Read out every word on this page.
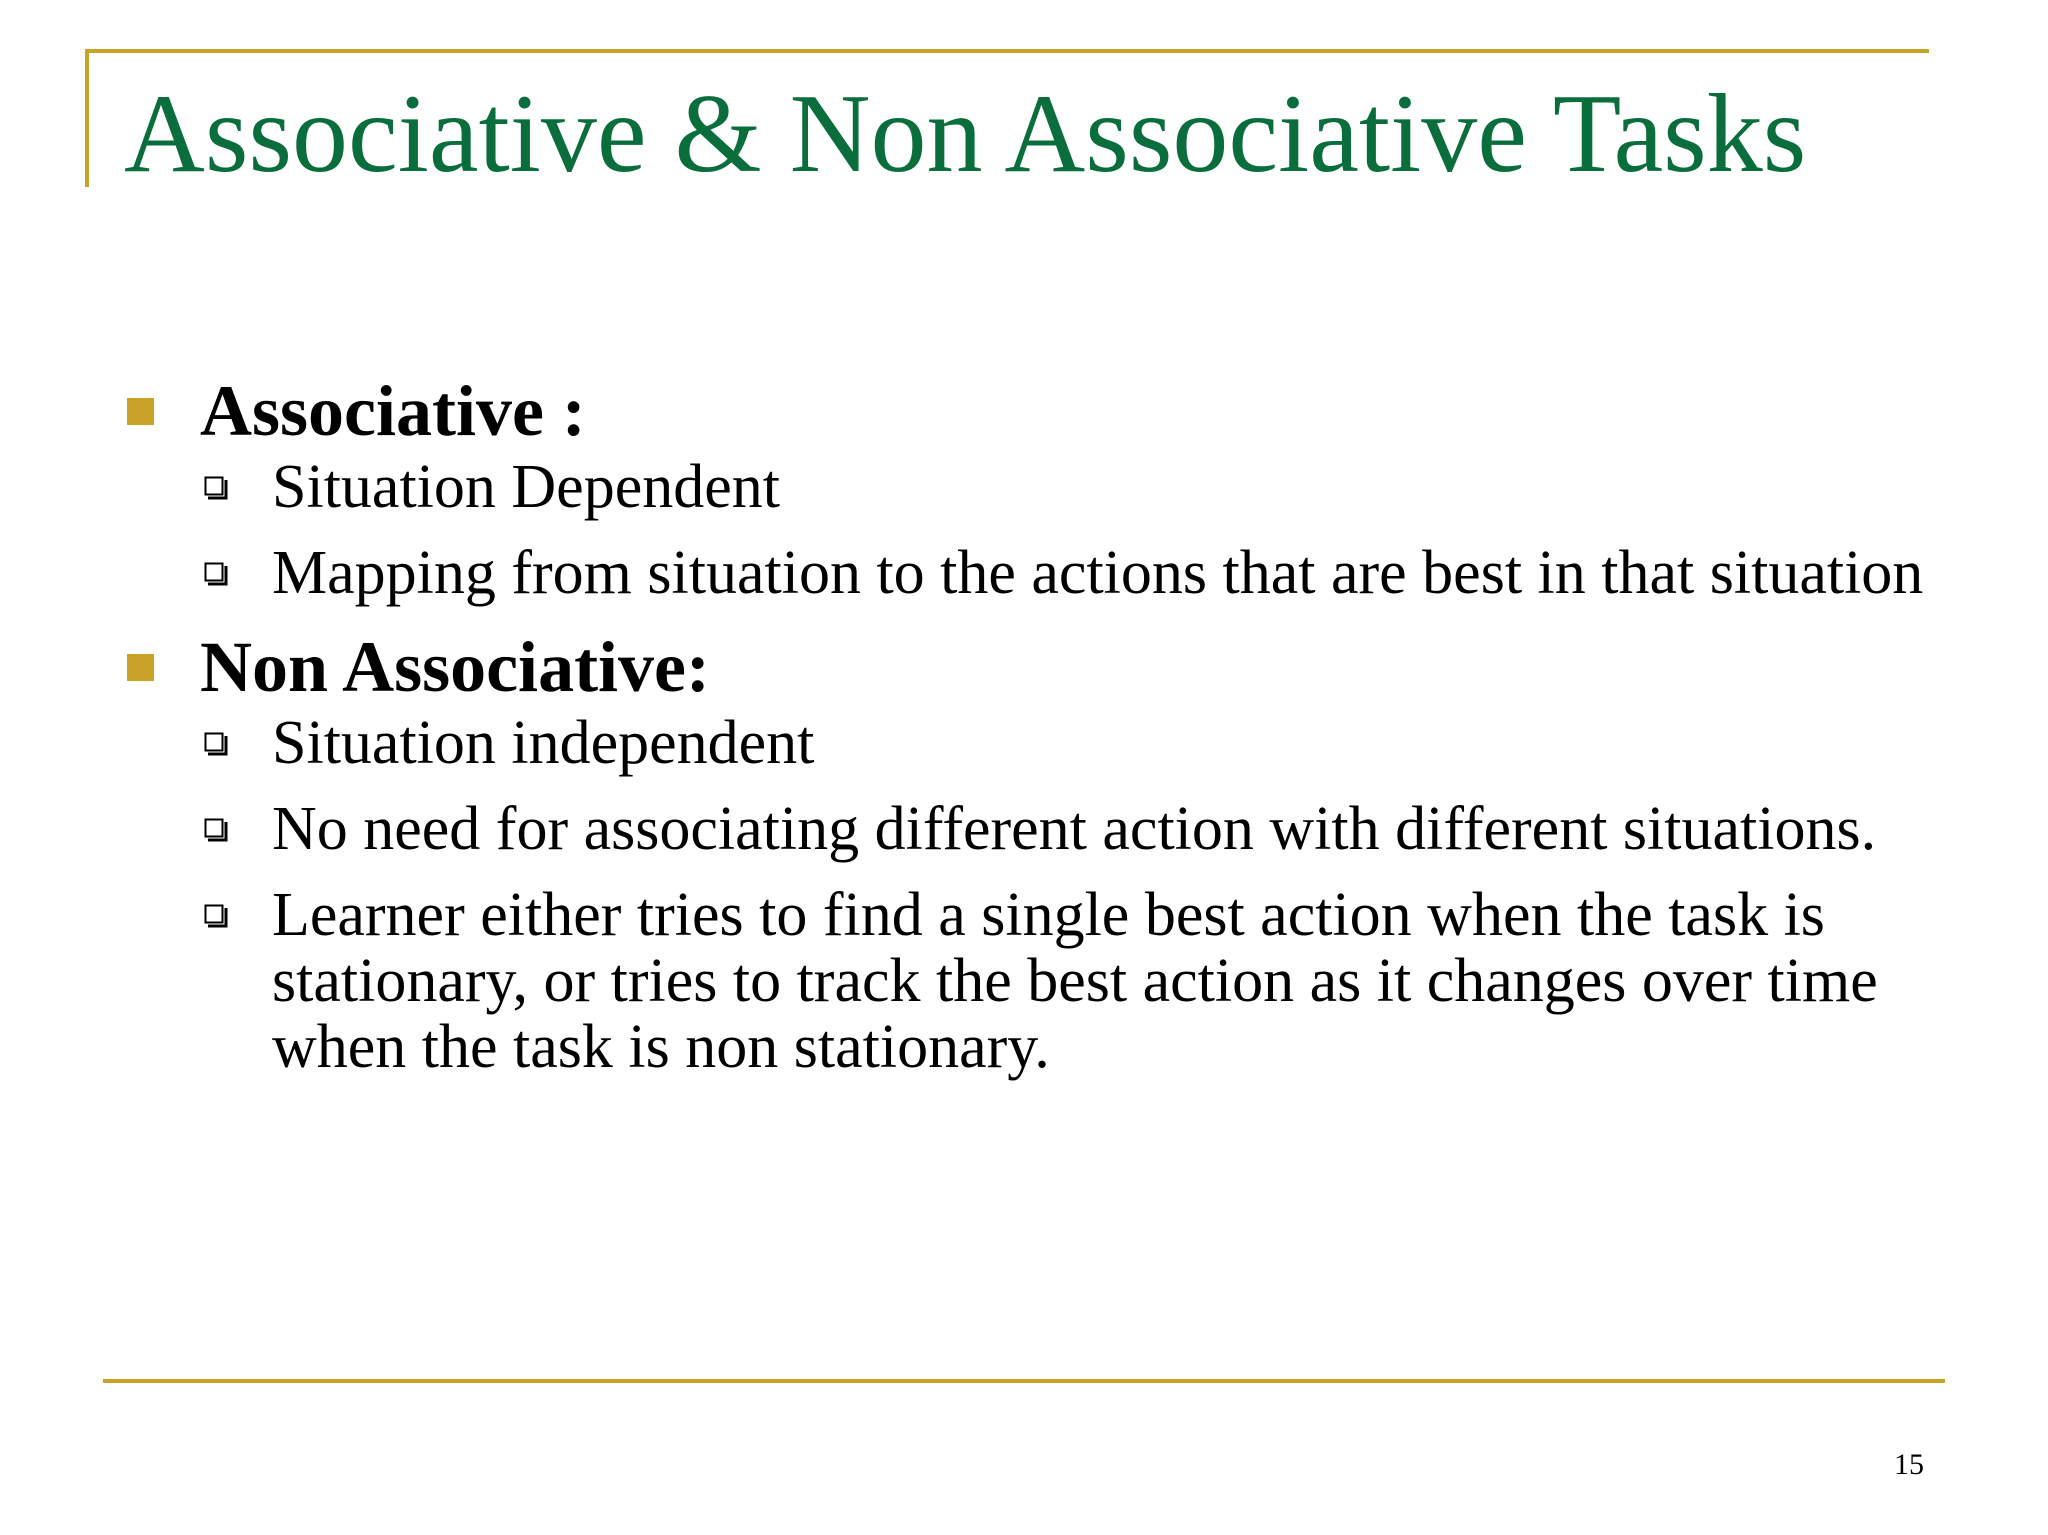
Associative & Non Associative Tasks
Associative :
Situation Dependent
Mapping from situation to the actions that are best in that situation
Non Associative:
Situation independent
No need for associating different action with different situations.
Learner either tries to find a single best action when the task is stationary, or tries to track the best action as it changes over time when the task is non stationary.
15
